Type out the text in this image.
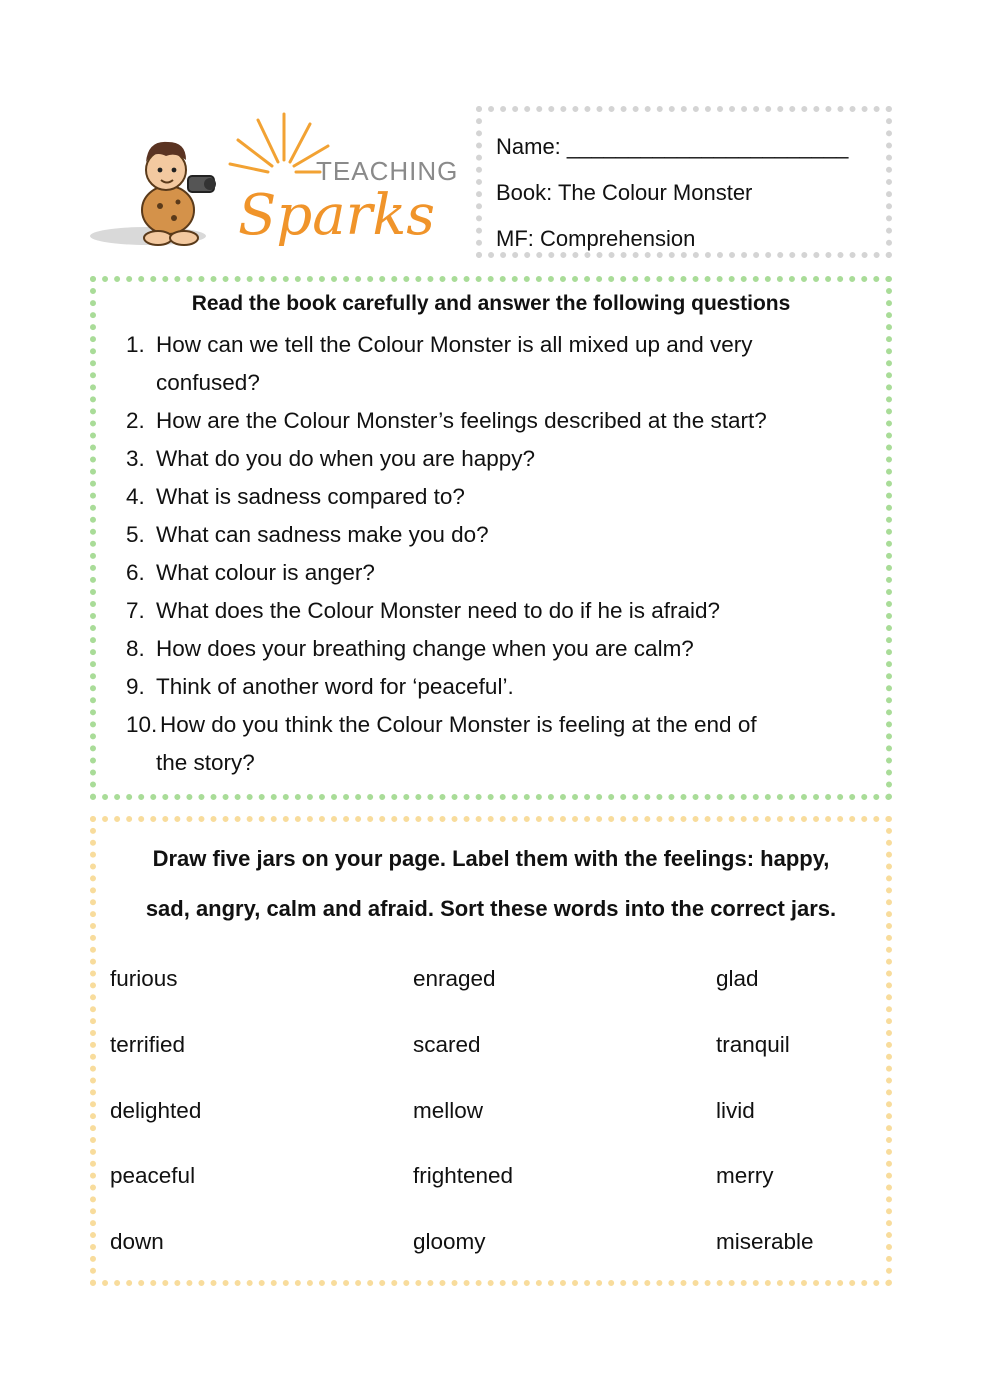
TEACHING
Sparks
Name: _______________________
Book: The Colour Monster
MF: Comprehension
Read the book carefully and answer the following questions
1. How can we tell the Colour Monster is all mixed up and very
confused?
2. How are the Colour Monster’s feelings described at the start?
3. What do you do when you are happy?
4. What is sadness compared to?
5. What can sadness make you do?
6. What colour is anger?
7. What does the Colour Monster need to do if he is afraid?
8. How does your breathing change when you are calm?
9. Think of another word for ‘peaceful’.
10. How do you think the Colour Monster is feeling at the end of
the story?
Draw five jars on your page. Label them with the feelings: happy,
sad, angry, calm and afraid. Sort these words into the correct jars.
furious	enraged	glad
terrified	scared	tranquil
delighted	mellow	livid
peaceful	frightened	merry
down	gloomy	miserable
